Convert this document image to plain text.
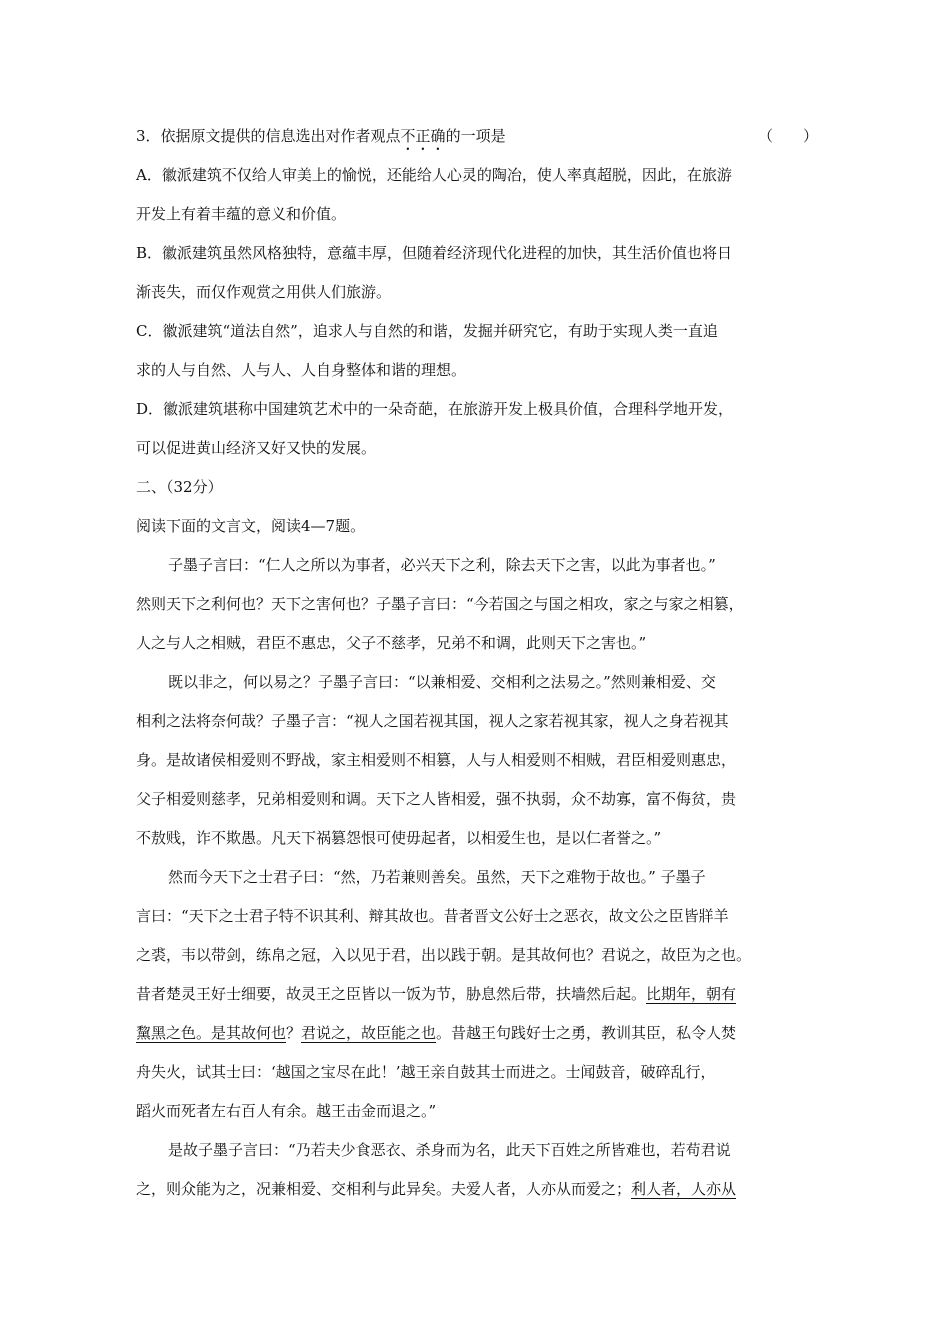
3．依据原文提供的信息选出对作者观点不正确的一项是	（　　）
A．徽派建筑不仅给人审美上的愉悦，还能给人心灵的陶冶，使人率真超脱，因此，在旅游
开发上有着丰蕴的意义和价值。
B．徽派建筑虽然风格独特，意蕴丰厚，但随着经济现代化进程的加快，其生活价值也将日
渐丧失，而仅作观赏之用供人们旅游。
C．徽派建筑“道法自然”，追求人与自然的和谐，发掘并研究它，有助于实现人类一直追
求的人与自然、人与人、人自身整体和谐的理想。
D．徽派建筑堪称中国建筑艺术中的一朵奇葩，在旅游开发上极具价值，合理科学地开发，
可以促进黄山经济又好又快的发展。
二、（32分）
阅读下面的文言文，阅读4—7题。
子墨子言曰：“仁人之所以为事者，必兴天下之利，除去天下之害，以此为事者也。”
然则天下之利何也？天下之害何也？子墨子言曰：“今若国之与国之相攻，家之与家之相篡，
人之与人之相贼，君臣不惠忠，父子不慈孝，兄弟不和调，此则天下之害也。”
既以非之，何以易之？子墨子言曰：“以兼相爱、交相利之法易之。”然则兼相爱、交
相利之法将奈何哉？子墨子言：“视人之国若视其国，视人之家若视其家，视人之身若视其
身。是故诸侯相爱则不野战，家主相爱则不相篡，人与人相爱则不相贼，君臣相爱则惠忠，
父子相爱则慈孝，兄弟相爱则和调。天下之人皆相爱，强不执弱，众不劫寡，富不侮贫，贵
不敖贱，诈不欺愚。凡天下祸篡怨恨可使毋起者，以相爱生也，是以仁者誉之。”
然而今天下之士君子曰：“然，乃若兼则善矣。虽然，天下之难物于故也。” 子墨子
言曰：“天下之士君子特不识其利、辩其故也。昔者晋文公好士之恶衣，故文公之臣皆牂羊
之裘，韦以带剑，练帛之冠，入以见于君，出以践于朝。是其故何也？君说之，故臣为之也。
昔者楚灵王好士细要，故灵王之臣皆以一饭为节，胁息然后带，扶墙然后起。比期年，朝有
黧黑之色。是其故何也？君说之，故臣能之也。昔越王句践好士之勇，教训其臣，私令人焚
舟失火，试其士曰：‘越国之宝尽在此！’越王亲自鼓其士而进之。士闻鼓音，破碎乱行，
蹈火而死者左右百人有余。越王击金而退之。”
是故子墨子言曰：“乃若夫少食恶衣、杀身而为名，此天下百姓之所皆难也，若苟君说
之，则众能为之，况兼相爱、交相利与此异矣。夫爱人者，人亦从而爱之；利人者，人亦从
